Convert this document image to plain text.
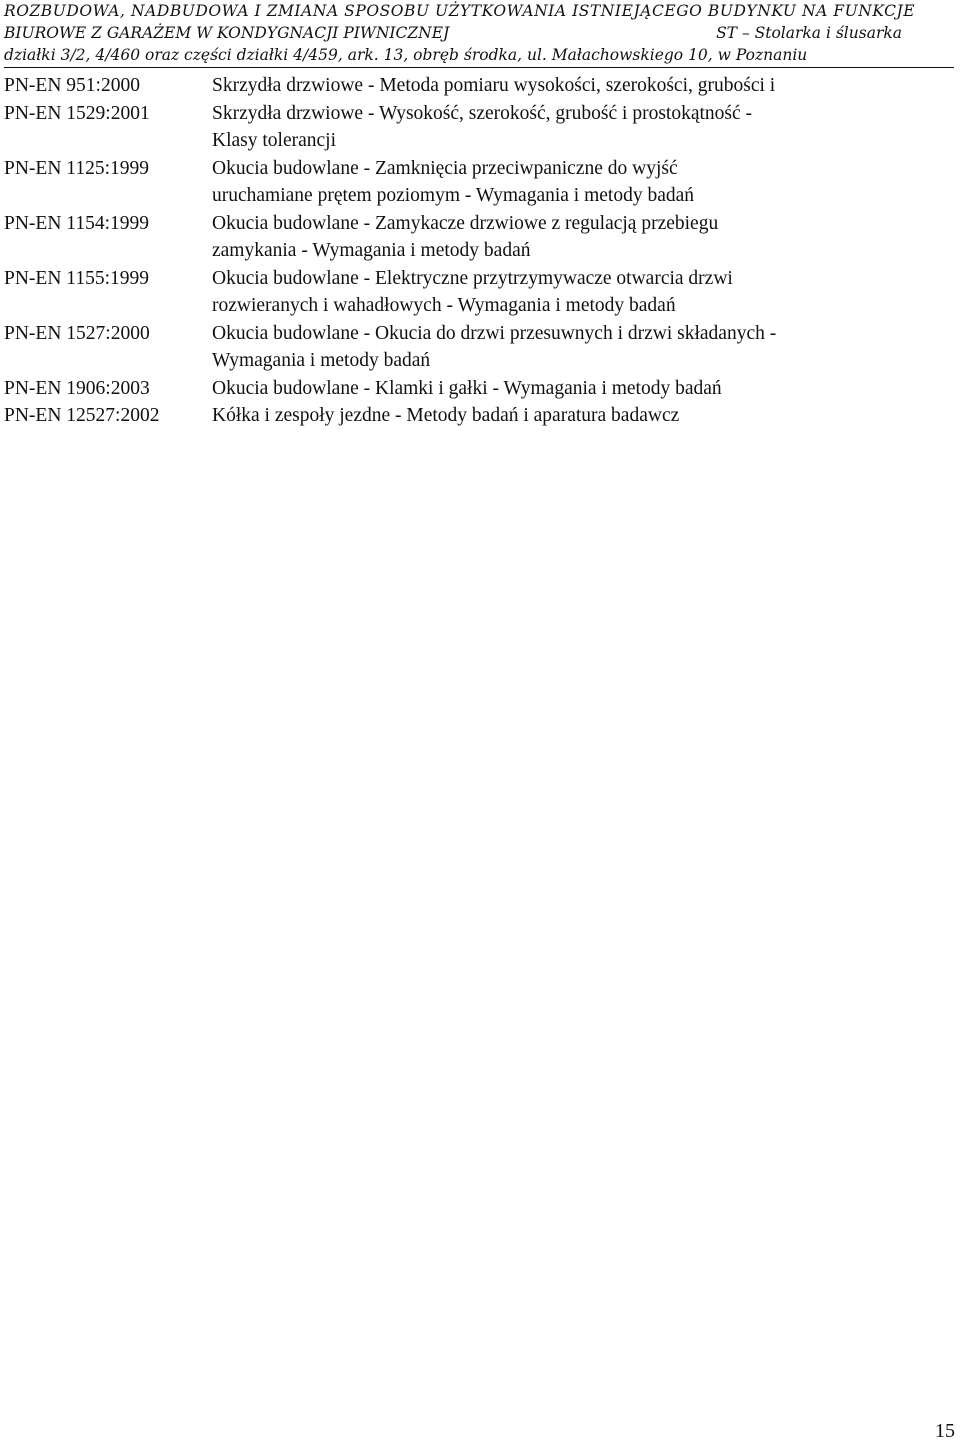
ROZBUDOWA, NADBUDOWA I ZMIANA SPOSOBU UŻYTKOWANIA ISTNIEJĄCEGO BUDYNKU NA FUNKCJE
BIUROWE Z GARAŻEM W KONDYGNACJI PIWNICZNEJ	ST – Stolarka i ślusarka
działki 3/2, 4/460 oraz części działki 4/459, ark. 13, obręb środka, ul. Małachowskiego 10, w Poznaniu
PN-EN 951:2000	Skrzydła drzwiowe - Metoda pomiaru wysokości, szerokości, grubości i
PN-EN 1529:2001	Skrzydła drzwiowe - Wysokość, szerokość, grubość i prostokątność -
Klasy tolerancji
PN-EN 1125:1999	Okucia budowlane - Zamknięcia przeciwpaniczne do wyjść
uruchamiane prętem poziomym - Wymagania i metody badań
PN-EN 1154:1999	Okucia budowlane - Zamykacze drzwiowe z regulacją przebiegu
zamykania - Wymagania i metody badań
PN-EN 1155:1999	Okucia budowlane - Elektryczne przytrzymywacze otwarcia drzwi
rozwieranych i wahadłowych - Wymagania i metody badań
PN-EN 1527:2000	Okucia budowlane - Okucia do drzwi przesuwnych i drzwi składanych -
Wymagania i metody badań
PN-EN 1906:2003	Okucia budowlane - Klamki i gałki - Wymagania i metody badań
PN-EN 12527:2002	Kółka i zespoły jezdne - Metody badań i aparatura badawcz
15
